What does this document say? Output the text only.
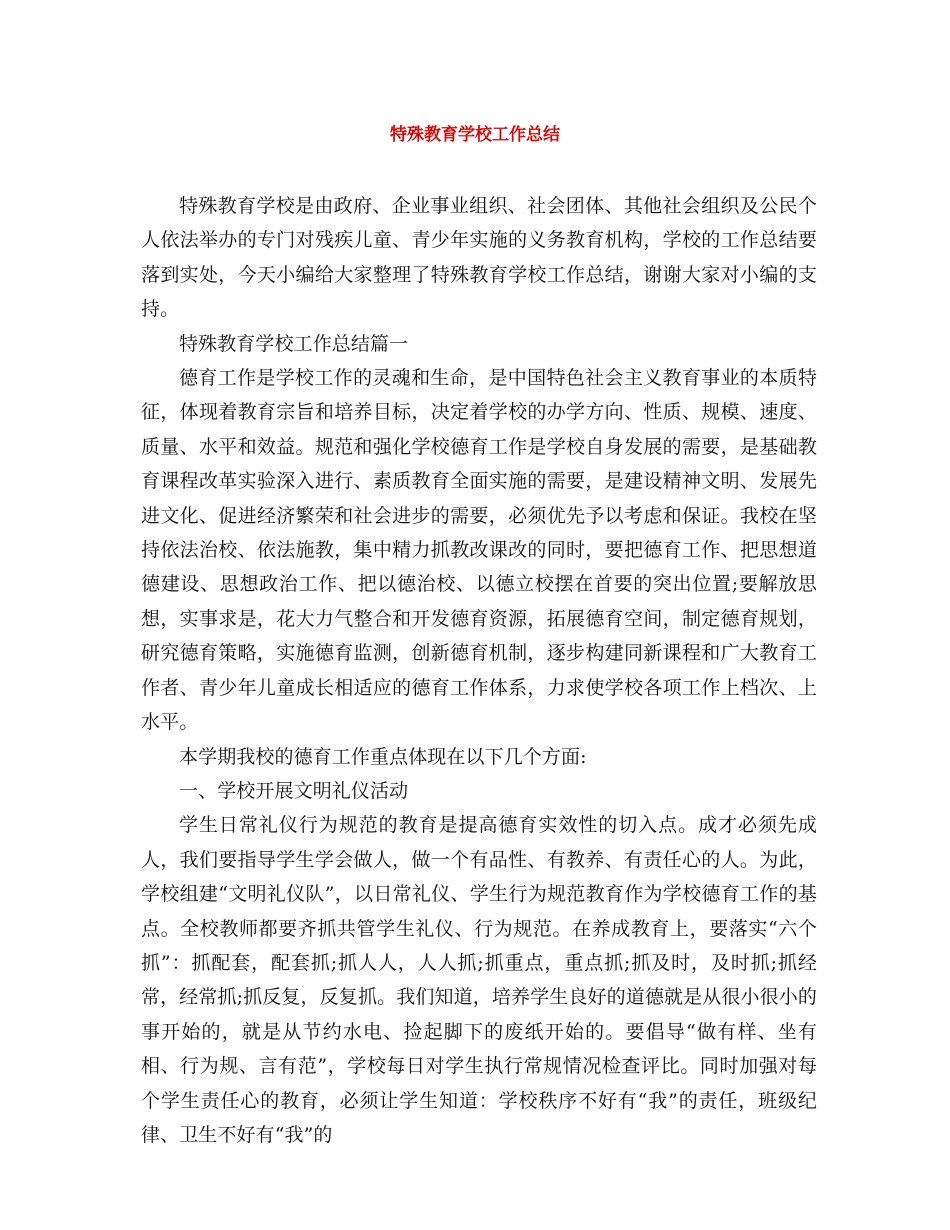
特殊教育学校工作总结

特殊教育学校是由政府、企业事业组织、社会团体、其他社会组织及公民个人依法举办的专门对残疾儿童、青少年实施的义务教育机构，学校的工作总结要落到实处，今天小编给大家整理了特殊教育学校工作总结，谢谢大家对小编的支持。

特殊教育学校工作总结篇一

德育工作是学校工作的灵魂和生命，是中国特色社会主义教育事业的本质特征，体现着教育宗旨和培养目标，决定着学校的办学方向、性质、规模、速度、质量、水平和效益。规范和强化学校德育工作是学校自身发展的需要，是基础教育课程改革实验深入进行、素质教育全面实施的需要，是建设精神文明、发展先进文化、促进经济繁荣和社会进步的需要，必须优先予以考虑和保证。我校在坚持依法治校、依法施教，集中精力抓教改课改的同时，要把德育工作、把思想道德建设、思想政治工作、把以德治校、以德立校摆在首要的突出位置;要解放思想，实事求是，花大力气整合和开发德育资源，拓展德育空间，制定德育规划，研究德育策略，实施德育监测，创新德育机制，逐步构建同新课程和广大教育工作者、青少年儿童成长相适应的德育工作体系，力求使学校各项工作上档次、上水平。

本学期我校的德育工作重点体现在以下几个方面:

一、学校开展文明礼仪活动

学生日常礼仪行为规范的教育是提高德育实效性的切入点。成才必须先成人，我们要指导学生学会做人，做一个有品性、有教养、有责任心的人。为此，学校组建“文明礼仪队”，以日常礼仪、学生行为规范教育作为学校德育工作的基点。全校教师都要齐抓共管学生礼仪、行为规范。在养成教育上，要落实“六个抓”：抓配套，配套抓;抓人人，人人抓;抓重点，重点抓;抓及时，及时抓;抓经常，经常抓;抓反复，反复抓。我们知道，培养学生良好的道德就是从很小很小的事开始的，就是从节约水电、捡起脚下的废纸开始的。要倡导“做有样、坐有相、行为规、言有范”，学校每日对学生执行常规情况检查评比。同时加强对每个学生责任心的教育，必须让学生知道：学校秩序不好有“我”的责任，班级纪律、卫生不好有“我”的
